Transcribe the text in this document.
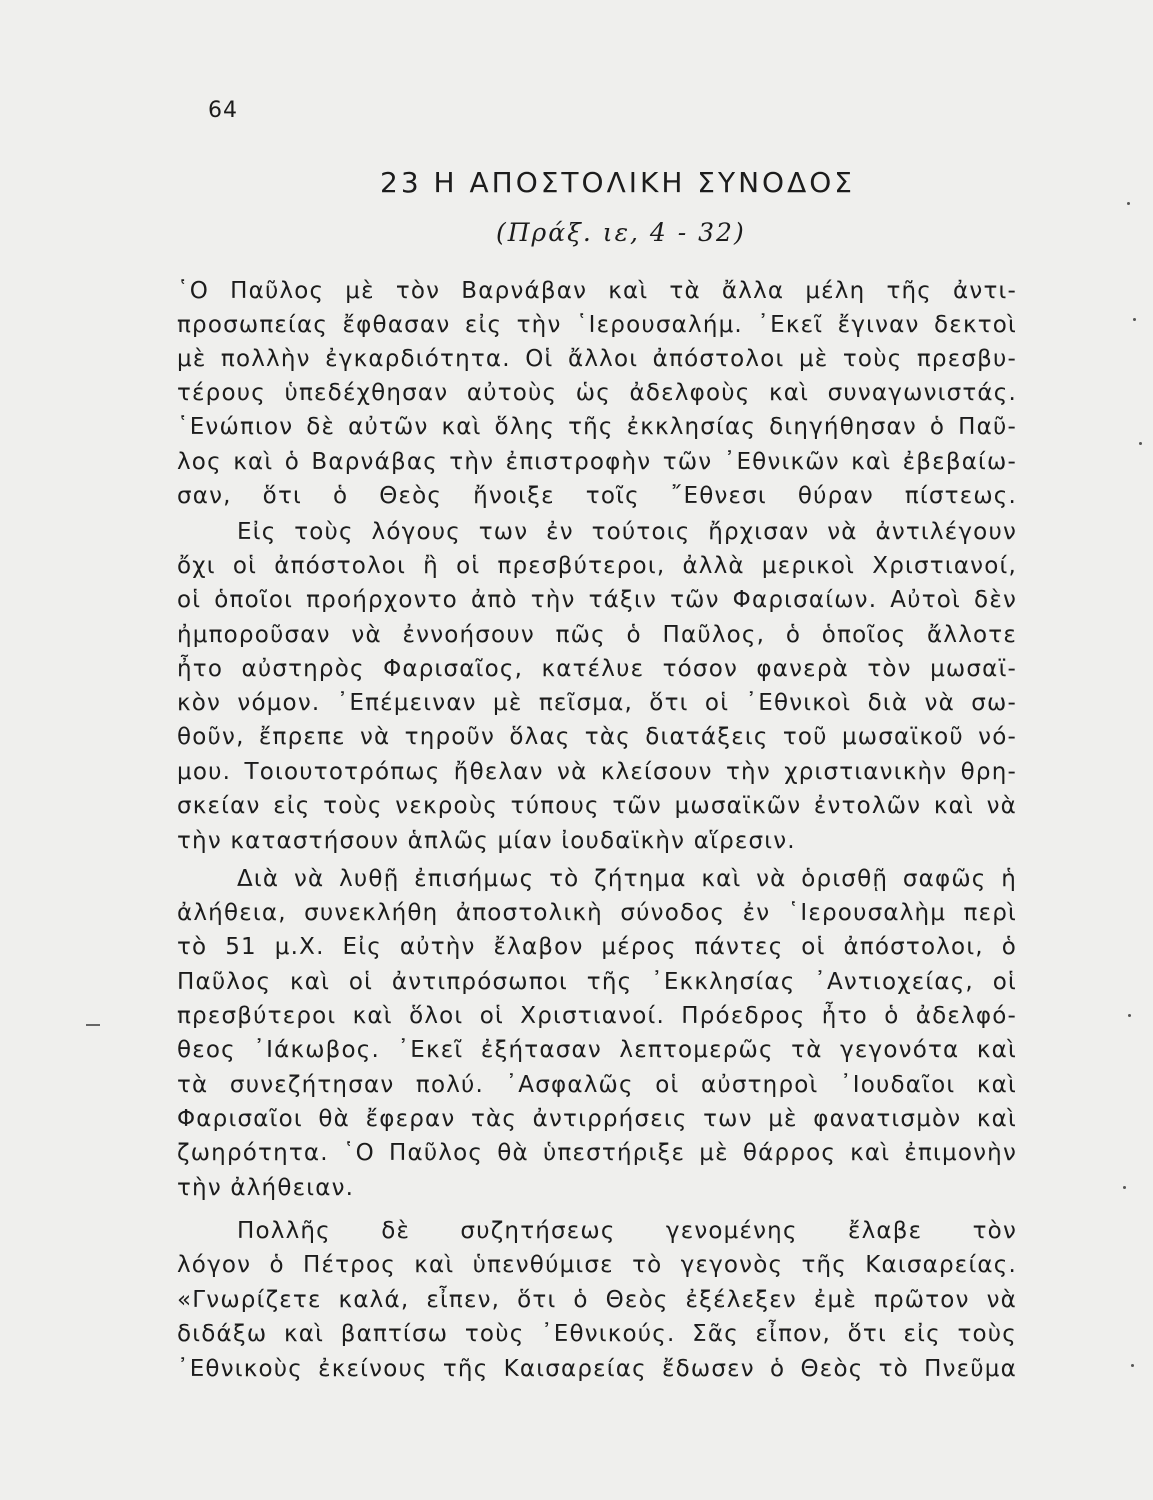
64
23 Η ΑΠΟΣΤΟΛΙΚΗ ΣΥΝΟΔΟΣ
(Πράξ. ιε, 4 - 32)
῾Ο Παῦλος μὲ τὸν Βαρνάβαν καὶ τὰ ἄλλα μέλη τῆς ἀντι-
προσωπείας ἔφθασαν εἰς τὴν ῾Ιερουσαλήμ. ᾿Εκεῖ ἔγιναν δεκτοὶ
μὲ πολλὴν ἐγκαρδιότητα. Οἱ ἄλλοι ἀπόστολοι μὲ τοὺς πρεσβυ-
τέρους ὑπεδέχθησαν αὐτοὺς ὡς ἀδελφοὺς καὶ συναγωνιστάς.
῾Ενώπιον δὲ αὐτῶν καὶ ὅλης τῆς ἐκκλησίας διηγήθησαν ὁ Παῦ-
λος καὶ ὁ Βαρνάβας τὴν ἐπιστροφὴν τῶν ᾿Εθνικῶν καὶ ἐβεβαίω-
σαν, ὅτι ὁ Θεὸς ἤνοιξε τοῖς ῎Εθνεσι θύραν πίστεως.
Εἰς τοὺς λόγους των ἐν τούτοις ἤρχισαν νὰ ἀντιλέγουν
ὄχι οἱ ἀπόστολοι ἢ οἱ πρεσβύτεροι, ἀλλὰ μερικοὶ Χριστιανοί,
οἱ ὁποῖοι προήρχοντο ἀπὸ τὴν τάξιν τῶν Φαρισαίων. Αὐτοὶ δὲν
ἠμποροῦσαν νὰ ἐννοήσουν πῶς ὁ Παῦλος, ὁ ὁποῖος ἄλλοτε
ἦτο αὐστηρὸς Φαρισαῖος, κατέλυε τόσον φανερὰ τὸν μωσαϊ-
κὸν νόμον. ᾿Επέμειναν μὲ πεῖσμα, ὅτι οἱ ᾿Εθνικοὶ διὰ νὰ σω-
θοῦν, ἔπρεπε νὰ τηροῦν ὅλας τὰς διατάξεις τοῦ μωσαϊκοῦ νό-
μου. Τοιουτοτρόπως ἤθελαν νὰ κλείσουν τὴν χριστιανικὴν θρη-
σκείαν εἰς τοὺς νεκροὺς τύπους τῶν μωσαϊκῶν ἐντολῶν καὶ νὰ
τὴν καταστήσουν ἁπλῶς μίαν ἰουδαϊκὴν αἵρεσιν.
Διὰ νὰ λυθῇ ἐπισήμως τὸ ζήτημα καὶ νὰ ὁρισθῇ σαφῶς ἡ
ἀλήθεια, συνεκλήθη ἀποστολικὴ σύνοδος ἐν ῾Ιερουσαλὴμ περὶ
τὸ 51 μ.Χ. Εἰς αὐτὴν ἔλαβον μέρος πάντες οἱ ἀπόστολοι, ὁ
Παῦλος καὶ οἱ ἀντιπρόσωποι τῆς ᾿Εκκλησίας ᾿Αντιοχείας, οἱ
πρεσβύτεροι καὶ ὅλοι οἱ Χριστιανοί. Πρόεδρος ἦτο ὁ ἀδελφό-
θεος ᾿Ιάκωβος. ᾿Εκεῖ ἐξήτασαν λεπτομερῶς τὰ γεγονότα καὶ
τὰ συνεζήτησαν πολύ. ᾿Ασφαλῶς οἱ αὐστηροὶ ᾿Ιουδαῖοι καὶ
Φαρισαῖοι θὰ ἔφεραν τὰς ἀντιρρήσεις των μὲ φανατισμὸν καὶ
ζωηρότητα. ῾Ο Παῦλος θὰ ὑπεστήριξε μὲ θάρρος καὶ ἐπιμονὴν
τὴν ἀλήθειαν.
Πολλῆς δὲ συζητήσεως γενομένης ἔλαβε τὸν
λόγον ὁ Πέτρος καὶ ὑπενθύμισε τὸ γεγονὸς τῆς Καισαρείας.
«Γνωρίζετε καλά, εἶπεν, ὅτι ὁ Θεὸς ἐξέλεξεν ἐμὲ πρῶτον νὰ
διδάξω καὶ βαπτίσω τοὺς ᾿Εθνικούς. Σᾶς εἶπον, ὅτι εἰς τοὺς
᾿Εθνικοὺς ἐκείνους τῆς Καισαρείας ἔδωσεν ὁ Θεὸς τὸ Πνεῦμα
